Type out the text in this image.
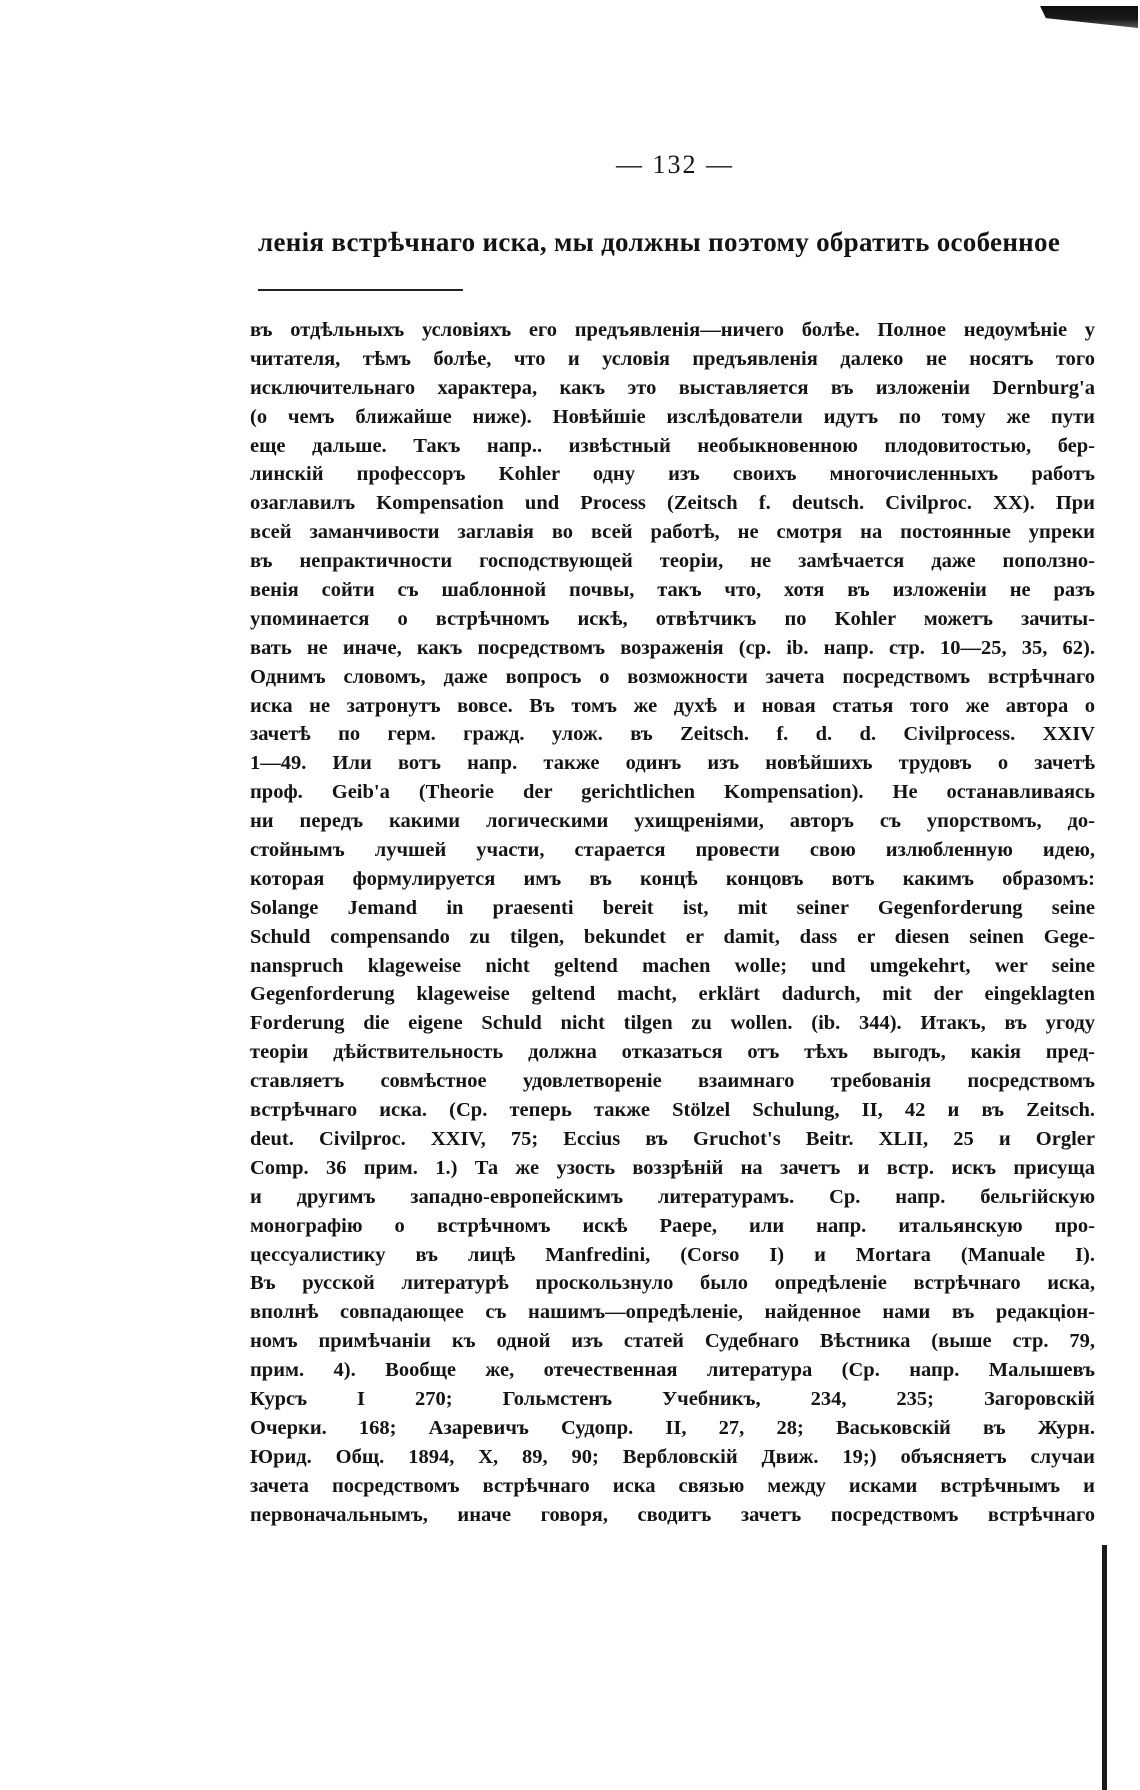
— 132 —
ленія встрѣчнаго иска, мы должны поэтому обратить особенное
въ отдѣльныхъ условіяхъ его предъявленія—ничего болѣе. Полное недоумѣніе у
читателя, тѣмъ болѣе, что и условія предъявленія далеко не носятъ того
исключительнаго характера, какъ это выставляется въ изложеніи Dernburg'а
(о чемъ ближайше ниже). Новѣйшіе изслѣдователи идутъ по тому же пути
еще дальше. Такъ напр.. извѣстный необыкновенною плодовитостью, бер-
линскій профессоръ Kohler одну изъ своихъ многочисленныхъ работъ
озаглавилъ Kompensation und Process (Zeitsch f. deutsch. Civilproc. XX). При
всей заманчивости заглавія во всей работѣ, не смотря на постоянные упреки
въ непрактичности господствующей теоріи, не замѣчается даже поползно-
венія сойти съ шаблонной почвы, такъ что, хотя въ изложеніи не разъ
упоминается о встрѣчномъ искѣ, отвѣтчикъ по Kohler можетъ зачиты-
вать не иначе, какъ посредствомъ возраженія (ср. ib. напр. стр. 10—25, 35, 62).
Однимъ словомъ, даже вопросъ о возможности зачета посредствомъ встрѣчнаго
иска не затронутъ вовсе. Въ томъ же духѣ и новая статья того же автора о
зачетѣ по герм. гражд. улож. въ Zeitsch. f. d. d. Civilprocess. XXIV
1—49. Или вотъ напр. также одинъ изъ новѣйшихъ трудовъ о зачетѣ
проф. Geib'a (Theorie der gerichtlichen Kompensation). Не останавливаясь
ни передъ какими логическими ухищреніями, авторъ съ упорствомъ, до-
стойнымъ лучшей участи, старается провести свою излюбленную идею,
которая формулируется имъ въ концѣ концовъ вотъ какимъ образомъ:
Solange Jemand in praesenti bereit ist, mit seiner Gegenforderung seine
Schuld compensando zu tilgen, bekundet er damit, dass er diesen seinen Gege-
nanspruch klageweise nicht geltend machen wolle; und umgekehrt, wer seine
Gegenforderung klageweise geltend macht, erklärt dadurch, mit der eingeklagten
Forderung die eigene Schuld nicht tilgen zu wollen. (ib. 344). Итакъ, въ угоду
теоріи дѣйствительность должна отказаться отъ тѣхъ выгодъ, какія пред-
ставляетъ совмѣстное удовлетвореніе взаимнаго требованія посредствомъ
встрѣчнаго иска. (Ср. теперь также Stölzel Schulung, II, 42 и въ Zeitsch.
deut. Civilproc. XXIV, 75; Eccius въ Gruchot's Beitr. XLII, 25 и Orgler
Comp. 36 прим. 1.) Та же узость воззрѣній на зачетъ и встр. искъ присуща
и другимъ западно-европейскимъ литературамъ. Ср. напр. бельгійскую
монографію о встрѣчномъ искѣ Paepe, или напр. итальянскую про-
цессуалистику въ лицѣ Manfredini, (Corso I) и Mortara (Manuale I).
Въ русской литературѣ проскользнуло было опредѣленіе встрѣчнаго иска,
вполнѣ совпадающее съ нашимъ—опредѣленіе, найденное нами въ редакціон-
номъ примѣчаніи къ одной изъ статей Судебнаго Вѣстника (выше стр. 79,
прим. 4). Вообще же, отечественная литература (Ср. напр. Малышевъ
Курсъ I 270; Гольмстенъ Учебникъ, 234, 235; Загоровскій
Очерки. 168; Азаревичъ Судопр. II, 27, 28; Васьковскій въ Журн.
Юрид. Общ. 1894, X, 89, 90; Вербловскій Движ. 19;) объясняетъ случаи
зачета посредствомъ встрѣчнаго иска связью между исками встрѣчнымъ и
первоначальнымъ, иначе говоря, сводитъ зачетъ посредствомъ встрѣчнаго
